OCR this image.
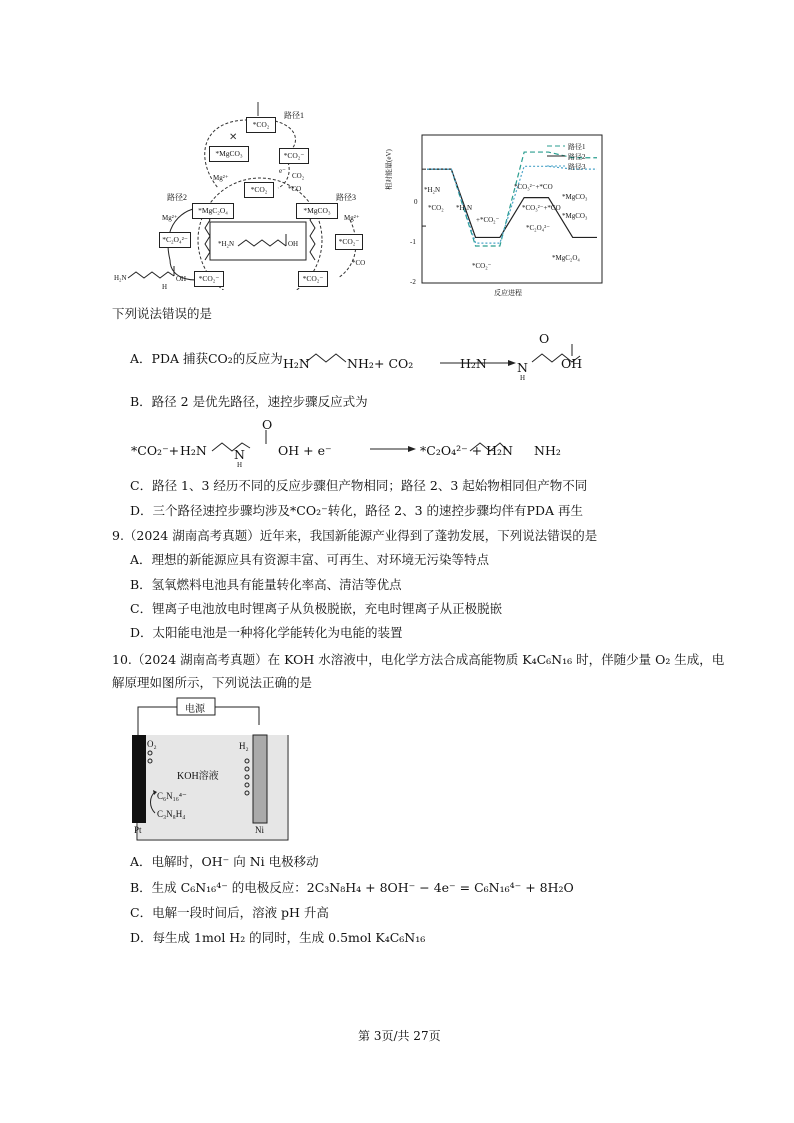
✕
路径1
*CO₂
*MgCO₃	*CO₂⁻
e⁻
CO₂
Mg²⁺
*CO₂	*CO
路径2	路径3
*MgC₂O₄	*MgCO₃
Mg²⁺	Mg²⁺
*C₂O₄²⁻	*CO₂⁻
*H₂N	OH
*CO
*CO₂⁻	*CO₂⁻
H₂N	OH
H
相对能量(eV)
反应进程
路径1
路径2
路径3
0
-1
-2
*H₂N
*CO₂ *H₂N
+*CO₂⁻
*CO₂⁻
*CO₃²⁻+*CO
*MgCO₃
*CO₃²⁻+*CO
*MgCO₃
*C₂O₄²⁻
*MgC₂O₄
下列说法错误的是
A．PDA 捕获CO₂的反应为 H₂N	NH₂ + CO₂	H₂N
O
N
H
OH
B．路径 2 是优先路径，速控步骤反应式为
*CO₂⁻+ H₂N
O
N
H
OH + e⁻	*C₂O₄²⁻ + H₂N NH₂
C．路径 1、3 经历不同的反应步骤但产物相同；路径 2、3 起始物相同但产物不同
D．三个路径速控步骤均涉及*CO₂⁻转化，路径 2、3 的速控步骤均伴有PDA 再生
9.（2024 湖南高考真题）近年来，我国新能源产业得到了蓬勃发展，下列说法错误的是
A．理想的新能源应具有资源丰富、可再生、对环境无污染等特点
B．氢氧燃料电池具有能量转化率高、清洁等优点
C．锂离子电池放电时锂离子从负极脱嵌，充电时锂离子从正极脱嵌
D．太阳能电池是一种将化学能转化为电能的装置
10.（2024 湖南高考真题）在 KOH 水溶液中，电化学方法合成高能物质 K₄C₆N₁₆ 时，伴随少量 O₂ 生成，电
解原理如图所示，下列说法正确的是
电源
O₂	H₂
KOH溶液
C₆N₁₆⁴⁻
C₃N₈H₄
Pt	Ni
A．电解时，OH⁻ 向 Ni 电极移动
B．生成 C₆N₁₆⁴⁻ 的电极反应：2C₃N₈H₄ + 8OH⁻ − 4e⁻ = C₆N₁₆⁴⁻ + 8H₂O
C．电解一段时间后，溶液 pH 升高
D．每生成 1mol H₂ 的同时，生成 0.5mol K₄C₆N₁₆
第 3页/共 27页
